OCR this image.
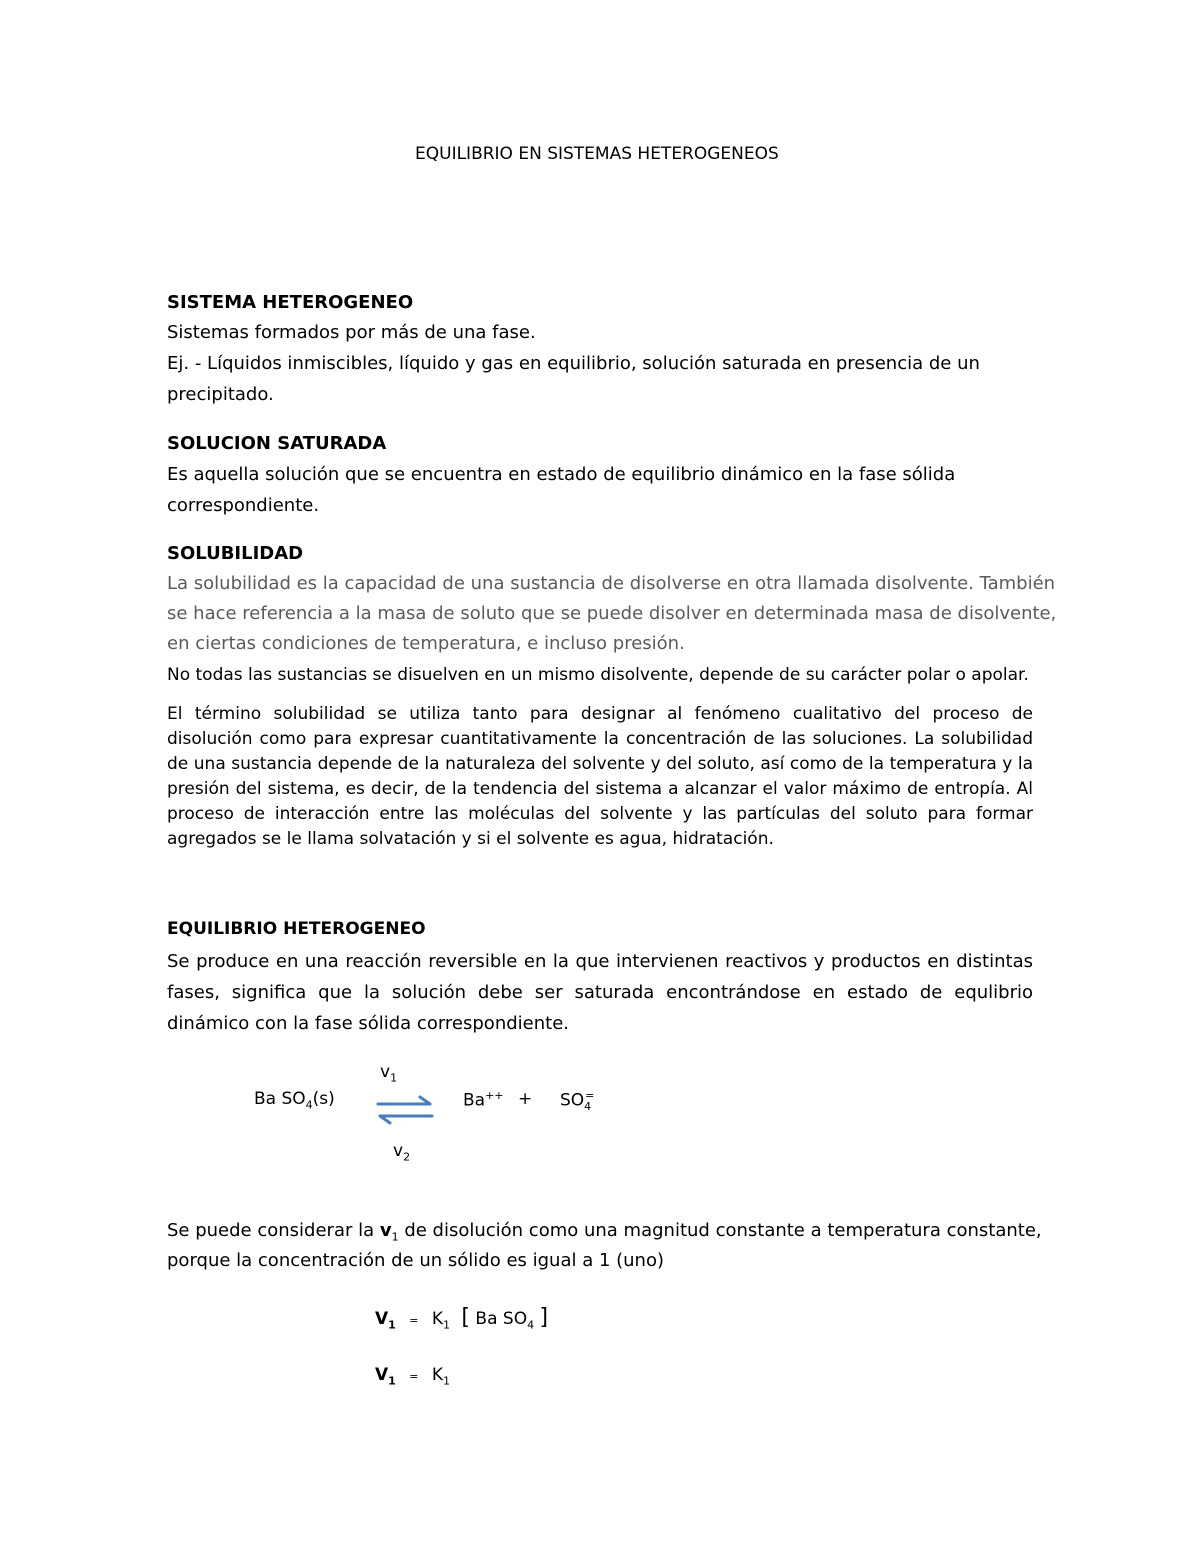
EQUILIBRIO EN SISTEMAS HETEROGENEOS
SISTEMA HETEROGENEO
Sistemas formados por más de una fase.
Ej. - Líquidos inmiscibles, líquido y gas en equilibrio, solución saturada en presencia de un
precipitado.
SOLUCION SATURADA
Es aquella solución que se encuentra en estado de equilibrio dinámico en la fase sólida
correspondiente.
SOLUBILIDAD
La solubilidad es la capacidad de una sustancia de disolverse en otra llamada disolvente. También
se hace referencia a la masa de soluto que se puede disolver en determinada masa de disolvente,
en ciertas condiciones de temperatura, e incluso presión.
No todas las sustancias se disuelven en un mismo disolvente, depende de su carácter polar o apolar.
El término solubilidad se utiliza tanto para designar al fenómeno cualitativo del proceso de disolución como para expresar cuantitativamente la concentración de las soluciones. La solubilidad de una sustancia depende de la naturaleza del solvente y del soluto, así como de la temperatura y la presión del sistema, es decir, de la tendencia del sistema a alcanzar el valor máximo de entropía. Al proceso de interacción entre las moléculas del solvente y las partículas del soluto para formar agregados se le llama solvatación y si el solvente es agua, hidratación.
EQUILIBRIO HETEROGENEO
Se produce en una reacción reversible en la que intervienen reactivos y productos en distintas fases, significa que la solución debe ser saturada encontrándose en estado de equlibrio dinámico con la fase sólida correspondiente.
$v_1$
Ba $SO_4(s)$	$Ba^{++} + SO_4^=$
$v_2$
Se puede considerar la $v_1$ de disolución como una magnitud constante a temperatura constante,
porque la concentración de un sólido es igual a 1 (uno)
$V_1 = K_1$ [ Ba $SO_4$ ]
$V_1 = K_1$
